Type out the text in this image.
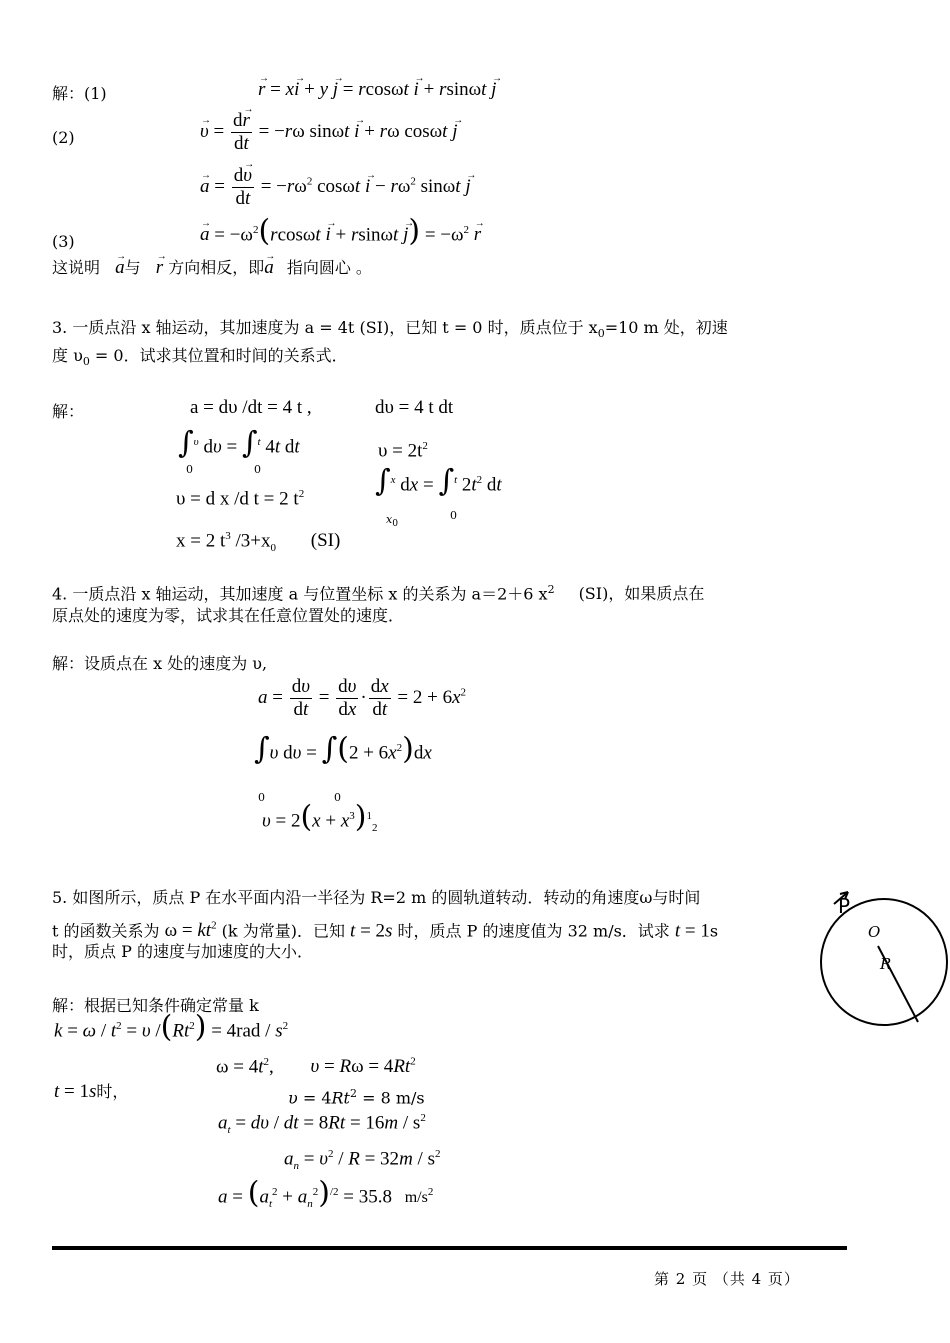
解：(1)	→ r = x→ i + y → j = rcosωt → i + rsinωt → j
(2)	→ $\upsilon = \frac{d\to r}{dt} = -r\omega$ sinωt → i + rω cosωt → j
→ $a = \frac{d\to \upsilon}{dt} = -r\omega^2$ $\cos\omega t \to i - r\omega^2$ sinωt → j
(3)	→ $a = -\omega^2(rcos\omega t \to i + rsin\omega t \to j) = -\omega^2 \to r$
这说明 → a与 → r 方向相反，即→ a 指向圆心 。
3. 一质点沿 x 轴运动，其加速度为 a = 4t (SI)，已知 t = 0 时，质点位于 $x_0=10$ m 处，初速
度 $\upsilon_0 = 0$．试求其位置和时间的关系式．
解：	a = dυ /dt = 4 t ,	dυ = 4 t dt
∫$^\upsilon$ dυ = ∫$^t$ 4t dt
0	0
$\upsilon = 2t^2$
υ = d x /d t = 2 $t^2$ ∫$^x$ dx = ∫$^t$ $2t^2$ dt
$x_0$
0
x = 2 $t^3$ $/3+x_0$ (SI)
4. 一质点沿 x 轴运动，其加速度 a 与位置坐标 x 的关系为 a＝2＋6 $x^2$ (SI)，如果质点在
原点处的速度为零，试求其在任意位置处的速度．
解：设质点在 x 处的速度为 υ,
$a = \frac{d\upsilon}{dt} = \frac{d\upsilon}{dx} \cdot \frac{dx}{dt} = 2 + 6x^2$
∫υ $d\upsilon = \int(2 + 6x^2)dx$
0	0
$\upsilon = 2(x + x^3)^1_2$
5. 如图所示，质点 P 在水平面内沿一半径为 R=2 m 的圆轨道转动．转动的角速度ω与时间
t 的函数关系为 $\omega = kt^2$ (k 为常量)．已知 t = 2s 时，质点 P 的速度值为 32 m/s．试求 t = 1s
时，质点 P 的速度与加速度的大小．
解：根据已知条件确定常量 k
$k = \omega / t^2 = \upsilon$ $/(Rt^2) = 4rad / s^2$
$\omega = 4t^2$, $\upsilon = R\omega = 4Rt^2$
t = 1s时，	$\upsilon = 4Rt^2 = 8$ m/s
$a_t = d\upsilon$ / dt = $8Rt = 16m / s^2$
$a_n = \upsilon^2 / R = 32m / s^2$
$a = (a_t^2 + a_n^2)^{/2} = 35.8$ $m/s^2$
P
O
R
第 2 页 （共 4 页）
